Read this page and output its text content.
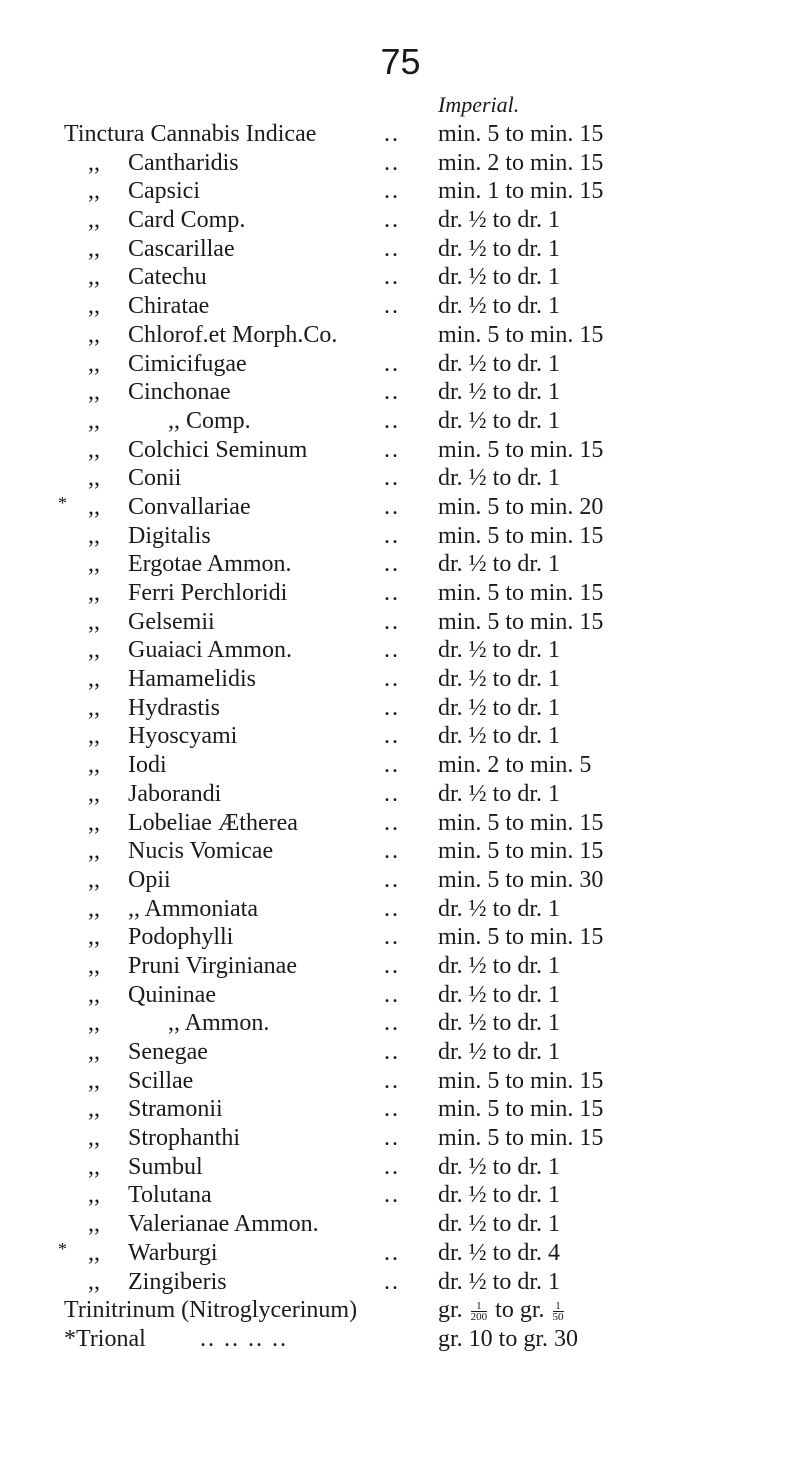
75
Imperial.
Tinctura Cannabis Indicae	.. min. 5 to min. 15
,, Cantharidis	.. min. 2 to min. 15
,, Capsici	.. min. 1 to min. 15
,, Card Comp.	.. dr. ½ to dr. 1
,, Cascarillae	.. dr. ½ to dr. 1
,, Catechu	.. dr. ½ to dr. 1
,, Chiratae	.. dr. ½ to dr. 1
,, Chlorof.et Morph.Co.	min. 5 to min. 15
,, Cimicifugae	.. dr. ½ to dr. 1
,, Cinchonae	.. dr. ½ to dr. 1
,,	,, Comp.	.. dr. ½ to dr. 1
,, Colchici Seminum	.. min. 5 to min. 15
,, Conii	.. dr. ½ to dr. 1
* ,, Convallariae	.. min. 5 to min. 20
,, Digitalis	.. min. 5 to min. 15
,, Ergotae Ammon.	.. dr. ½ to dr. 1
,, Ferri Perchloridi	.. min. 5 to min. 15
,, Gelsemii	.. min. 5 to min. 15
,, Guaiaci Ammon.	.. dr. ½ to dr. 1
,, Hamamelidis	.. dr. ½ to dr. 1
,, Hydrastis	.. dr. ½ to dr. 1
,, Hyoscyami	.. dr. ½ to dr. 1
,, Iodi	.. min. 2 to min. 5
,, Jaborandi	.. dr. ½ to dr. 1
,, Lobeliae Ætherea	.. min. 5 to min. 15
,, Nucis Vomicae	.. min. 5 to min. 15
,, Opii	.. min. 5 to min. 30
,, ,, Ammoniata	.. dr. ½ to dr. 1
,, Podophylli	.. min. 5 to min. 15
,, Pruni Virginianae	.. dr. ½ to dr. 1
,, Quininae	.. dr. ½ to dr. 1
,,	,, Ammon.	.. dr. ½ to dr. 1
,, Senegae	.. dr. ½ to dr. 1
,, Scillae	.. min. 5 to min. 15
,, Stramonii	.. min. 5 to min. 15
,, Strophanthi	.. min. 5 to min. 15
,, Sumbul	.. dr. ½ to dr. 1
,, Tolutana	.. dr. ½ to dr. 1
,, Valerianae Ammon.	dr. ½ to dr. 1
* ,, Warburgi	.. dr. ½ to dr. 4
,, Zingiberis	.. dr. ½ to dr. 1
Trinitrinum (Nitroglycerinum)	gr. $\frac{1}{200}$ to gr. $\frac{1}{50}$
*Trional .. .. .. ..	gr. 10 to gr. 30
